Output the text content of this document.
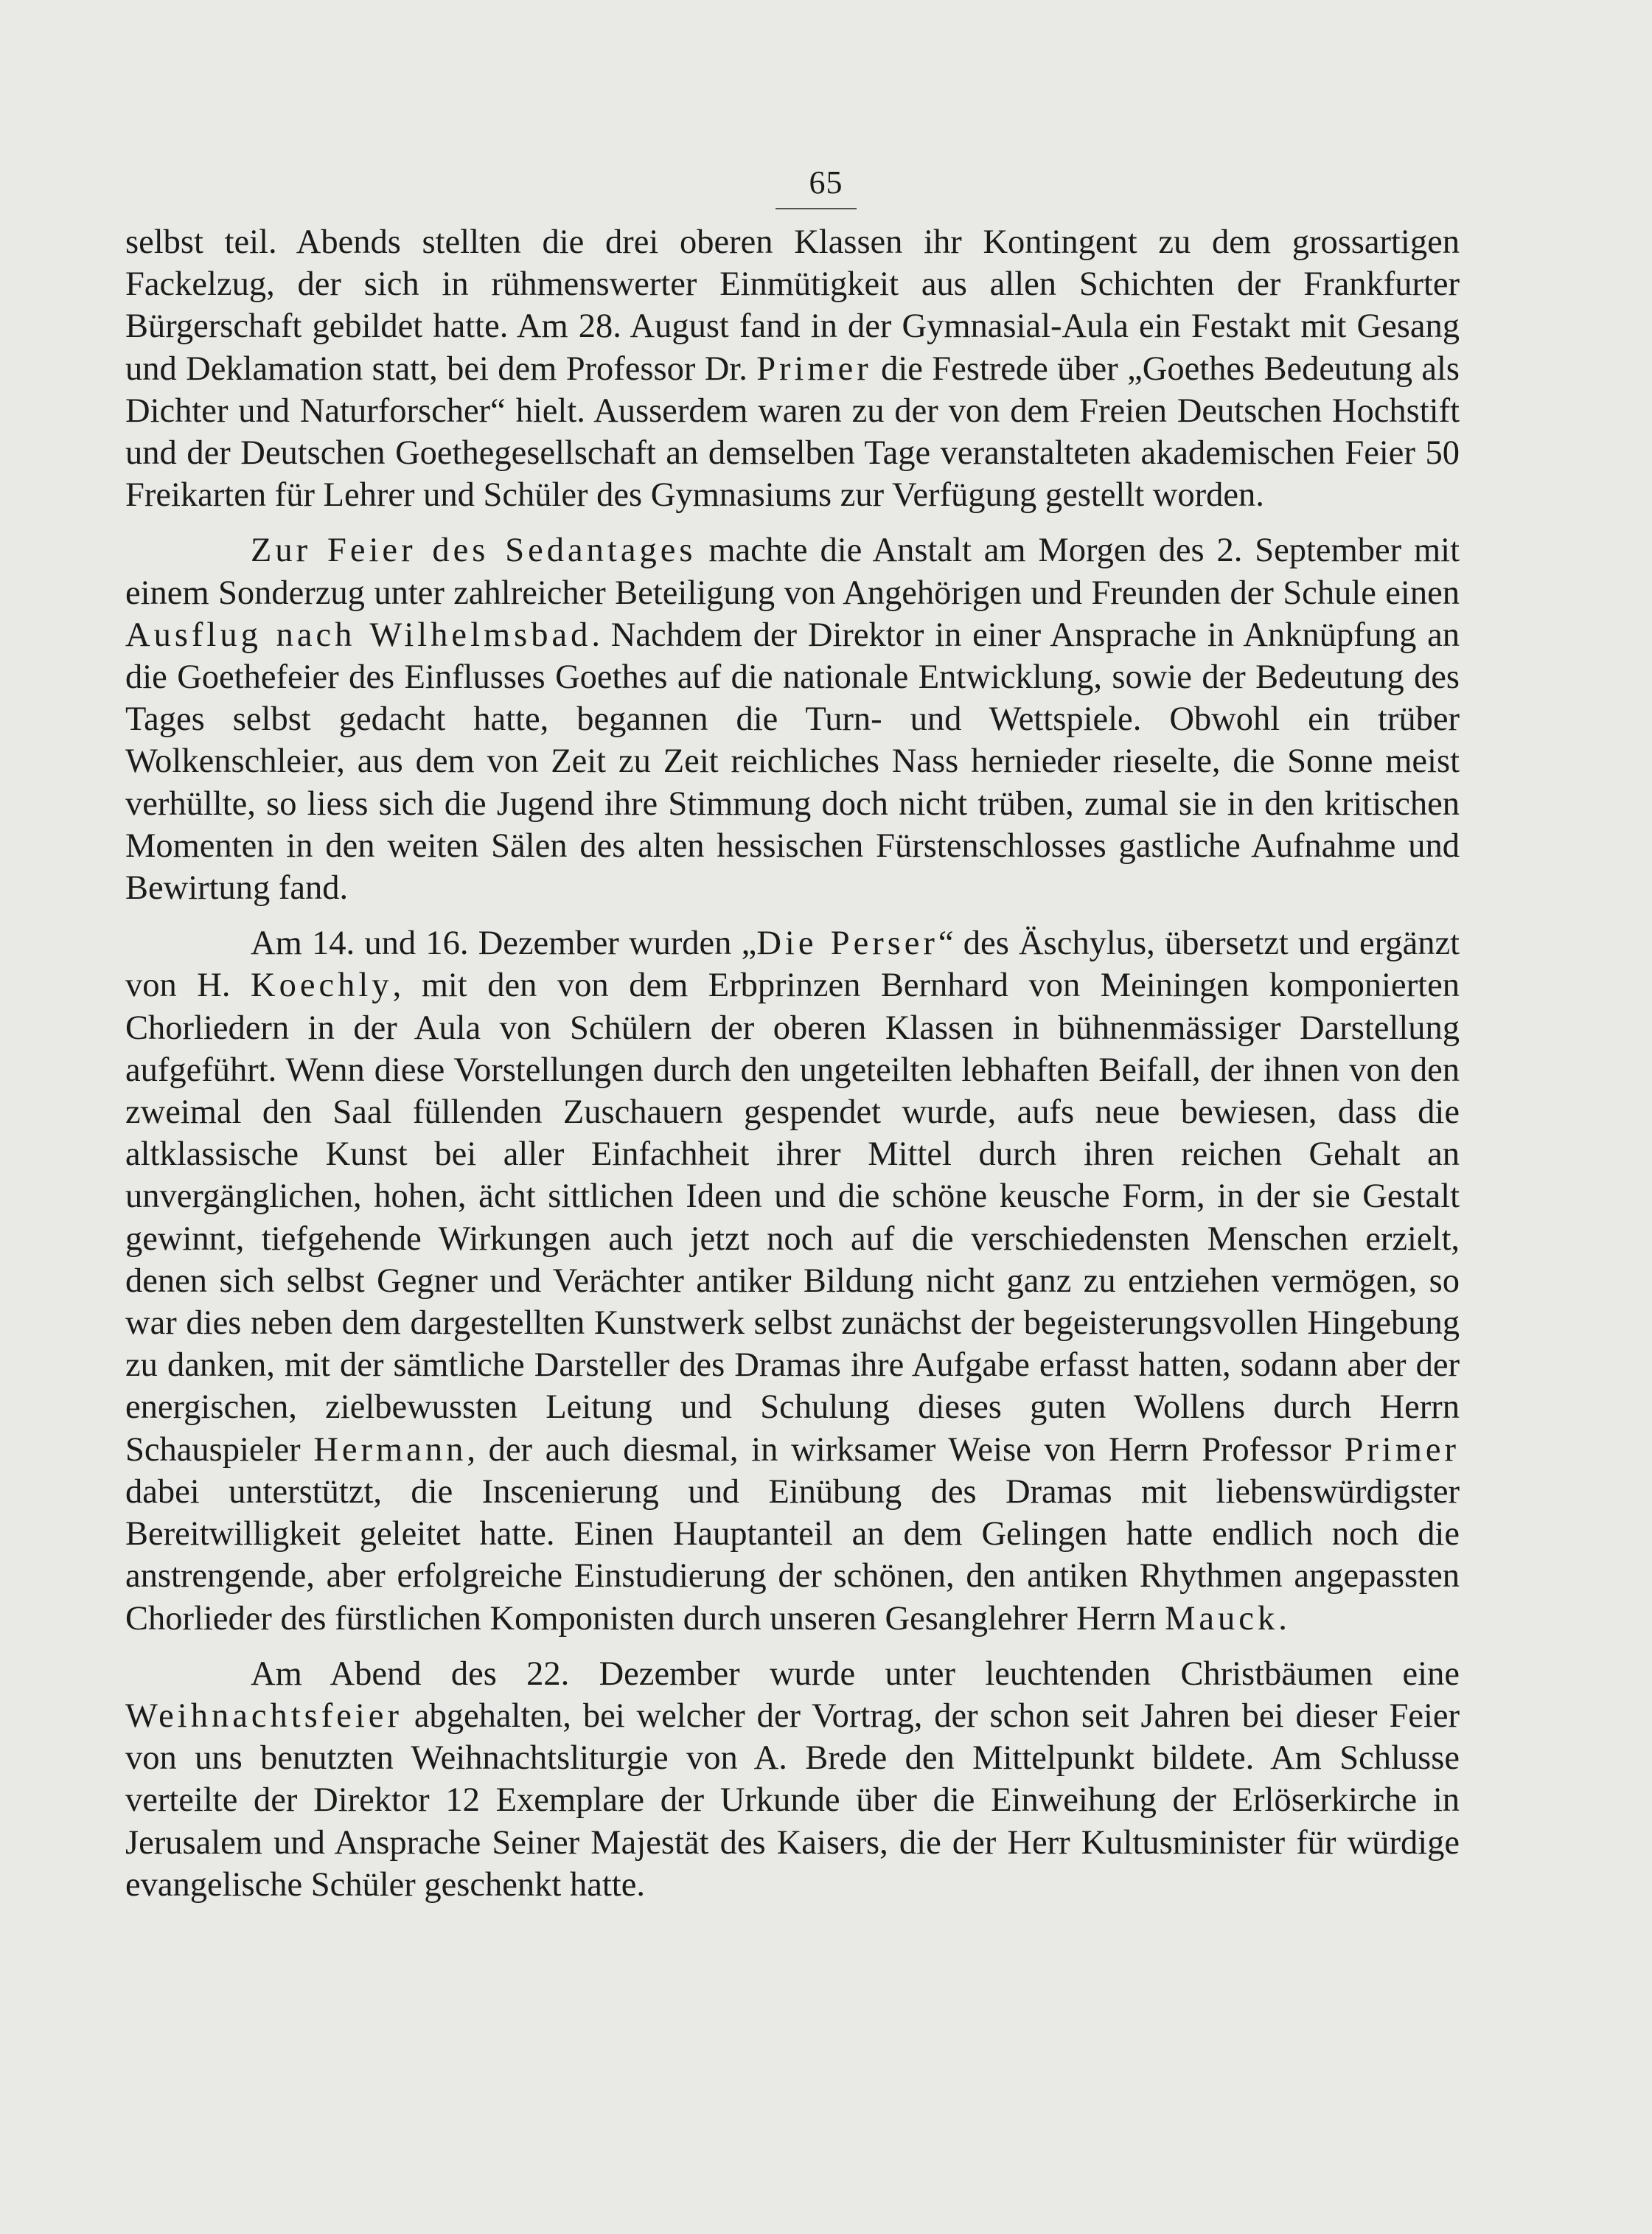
65

selbst teil. Abends stellten die drei oberen Klassen ihr Kontingent zu dem grossartigen Fackelzug, der sich in rühmenswerter Einmütigkeit aus allen Schichten der Frankfurter Bürgerschaft gebildet hatte. Am 28. August fand in der Gymnasial-Aula ein Festakt mit Gesang und Deklamation statt, bei dem Professor Dr. Primer die Festrede über „Goethes Bedeutung als Dichter und Naturforscher“ hielt. Ausserdem waren zu der von dem Freien Deutschen Hochstift und der Deutschen Goethegesellschaft an demselben Tage veranstalteten akademischen Feier 50 Freikarten für Lehrer und Schüler des Gymnasiums zur Verfügung gestellt worden.

Zur Feier des Sedantages machte die Anstalt am Morgen des 2. September mit einem Sonderzug unter zahlreicher Beteiligung von Angehörigen und Freunden der Schule einen Ausflug nach Wilhelmsbad. Nachdem der Direktor in einer Ansprache in Anknüpfung an die Goethefeier des Einflusses Goethes auf die nationale Entwicklung, sowie der Bedeutung des Tages selbst gedacht hatte, begannen die Turn- und Wettspiele. Obwohl ein trüber Wolkenschleier, aus dem von Zeit zu Zeit reichliches Nass hernieder rieselte, die Sonne meist verhüllte, so liess sich die Jugend ihre Stimmung doch nicht trüben, zumal sie in den kritischen Momenten in den weiten Sälen des alten hessischen Fürstenschlosses gastliche Aufnahme und Bewirtung fand.

Am 14. und 16. Dezember wurden „Die Perser“ des Äschylus, übersetzt und ergänzt von H. Koechly, mit den von dem Erbprinzen Bernhard von Meiningen komponierten Chorliedern in der Aula von Schülern der oberen Klassen in bühnenmässiger Darstellung aufgeführt. Wenn diese Vorstellungen durch den ungeteilten lebhaften Beifall, der ihnen von den zweimal den Saal füllenden Zuschauern gespendet wurde, aufs neue bewiesen, dass die altklassische Kunst bei aller Einfachheit ihrer Mittel durch ihren reichen Gehalt an unvergänglichen, hohen, ächt sittlichen Ideen und die schöne keusche Form, in der sie Gestalt gewinnt, tiefgehende Wirkungen auch jetzt noch auf die verschiedensten Menschen erzielt, denen sich selbst Gegner und Verächter antiker Bildung nicht ganz zu entziehen vermögen, so war dies neben dem dargestellten Kunstwerk selbst zunächst der begeisterungsvollen Hingebung zu danken, mit der sämtliche Darsteller des Dramas ihre Aufgabe erfasst hatten, sodann aber der energischen, zielbewussten Leitung und Schulung dieses guten Wollens durch Herrn Schauspieler Hermann, der auch diesmal, in wirksamer Weise von Herrn Professor Primer dabei unterstützt, die Inscenierung und Einübung des Dramas mit liebenswürdigster Bereitwilligkeit geleitet hatte. Einen Hauptanteil an dem Gelingen hatte endlich noch die anstrengende, aber erfolgreiche Einstudierung der schönen, den antiken Rhythmen angepassten Chorlieder des fürstlichen Komponisten durch unseren Gesanglehrer Herrn Mauck.

Am Abend des 22. Dezember wurde unter leuchtenden Christbäumen eine Weihnachtsfeier abgehalten, bei welcher der Vortrag, der schon seit Jahren bei dieser Feier von uns benutzten Weihnachtsliturgie von A. Brede den Mittelpunkt bildete. Am Schlusse verteilte der Direktor 12 Exemplare der Urkunde über die Einweihung der Erlöserkirche in Jerusalem und Ansprache Seiner Majestät des Kaisers, die der Herr Kultusminister für würdige evangelische Schüler geschenkt hatte.
